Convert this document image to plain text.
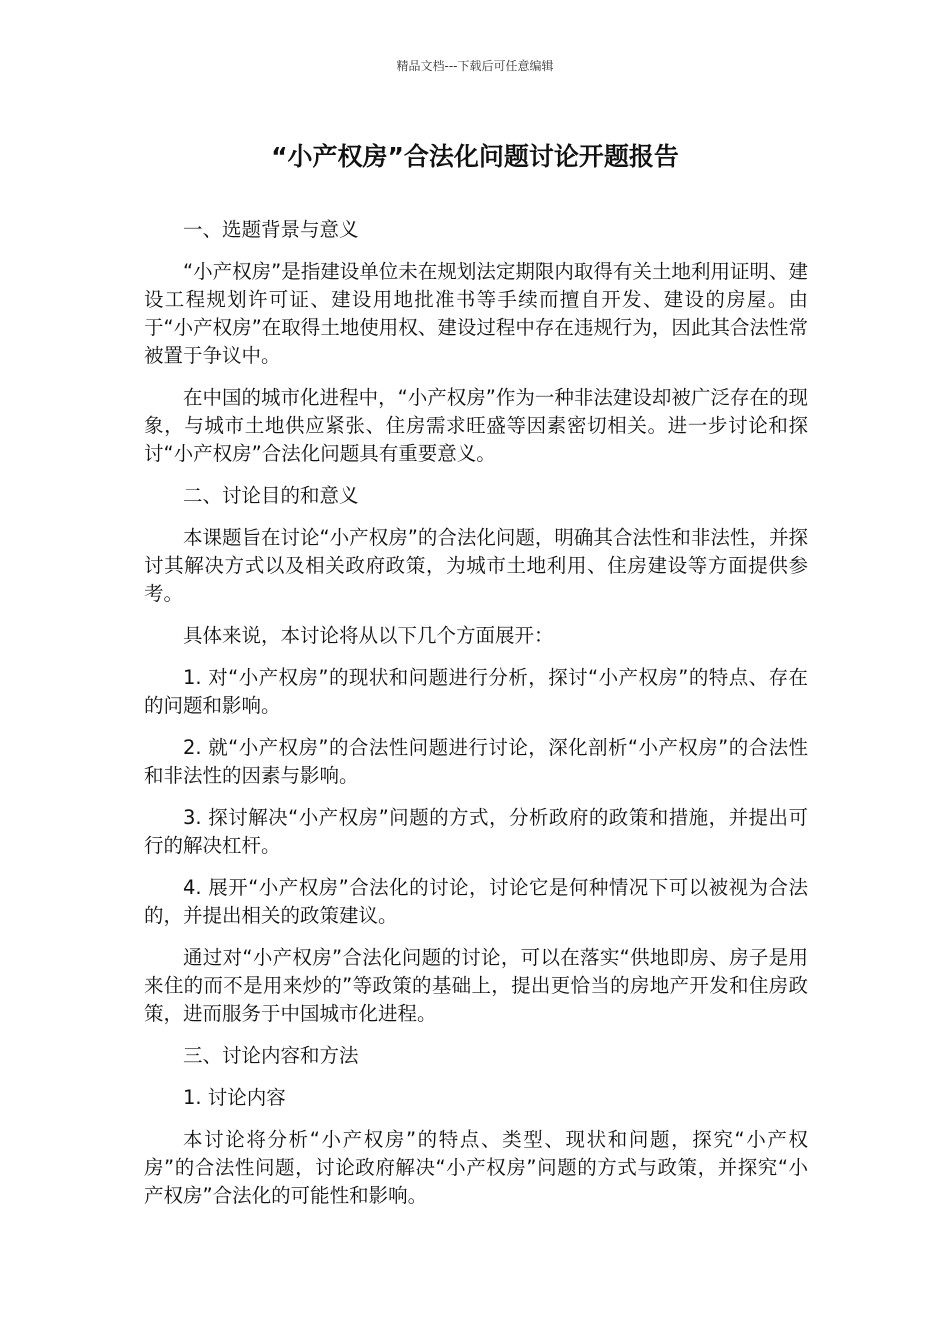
精品文档---下载后可任意编辑
“小产权房”合法化问题讨论开题报告

一、选题背景与意义

“小产权房”是指建设单位未在规划法定期限内取得有关土地利用证明、建设工程规划许可证、建设用地批准书等手续而擅自开发、建设的房屋。由于“小产权房”在取得土地使用权、建设过程中存在违规行为，因此其合法性常被置于争议中。

在中国的城市化进程中，“小产权房”作为一种非法建设却被广泛存在的现象，与城市土地供应紧张、住房需求旺盛等因素密切相关。进一步讨论和探讨“小产权房”合法化问题具有重要意义。

二、讨论目的和意义

本课题旨在讨论“小产权房”的合法化问题，明确其合法性和非法性，并探讨其解决方式以及相关政府政策，为城市土地利用、住房建设等方面提供参考。

具体来说，本讨论将从以下几个方面展开：

1. 对“小产权房”的现状和问题进行分析，探讨“小产权房”的特点、存在的问题和影响。

2. 就“小产权房”的合法性问题进行讨论，深化剖析“小产权房”的合法性和非法性的因素与影响。

3. 探讨解决“小产权房”问题的方式，分析政府的政策和措施，并提出可行的解决杠杆。

4. 展开“小产权房”合法化的讨论，讨论它是何种情况下可以被视为合法的，并提出相关的政策建议。

通过对“小产权房”合法化问题的讨论，可以在落实“供地即房、房子是用来住的而不是用来炒的”等政策的基础上，提出更恰当的房地产开发和住房政策，进而服务于中国城市化进程。

三、讨论内容和方法

1. 讨论内容

本讨论将分析“小产权房”的特点、类型、现状和问题，探究“小产权房”的合法性问题，讨论政府解决“小产权房”问题的方式与政策，并探究“小产权房”合法化的可能性和影响。
